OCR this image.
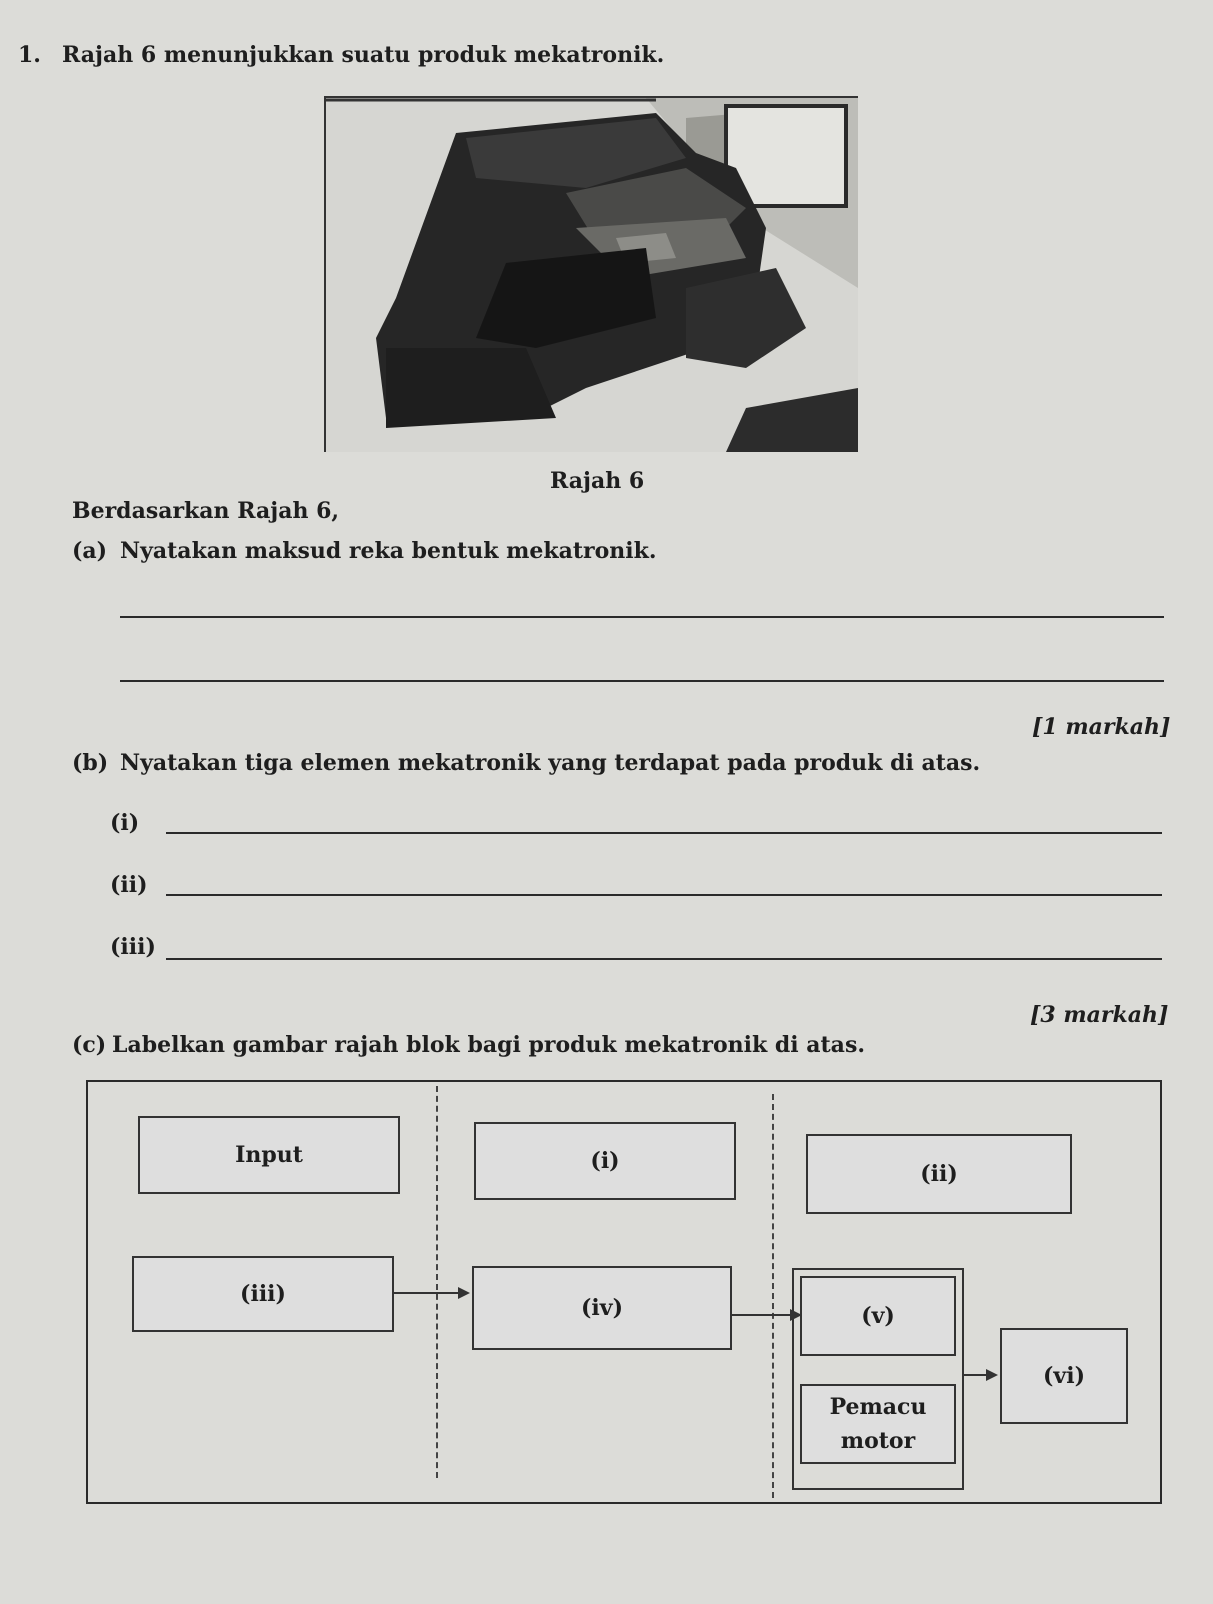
1. Rajah 6 menunjukkan suatu produk mekatronik.
Rajah 6
Berdasarkan Rajah 6,
(a) Nyatakan maksud reka bentuk mekatronik.
[1 markah]
(b) Nyatakan tiga elemen mekatronik yang terdapat pada produk di atas.
(i)
(ii)
(iii)
[3 markah]
(c) Labelkan gambar rajah blok bagi produk mekatronik di atas.
Input	(i)	(ii)
(iii)
(iv)	(v)
Pemacu
motor
(vi)
